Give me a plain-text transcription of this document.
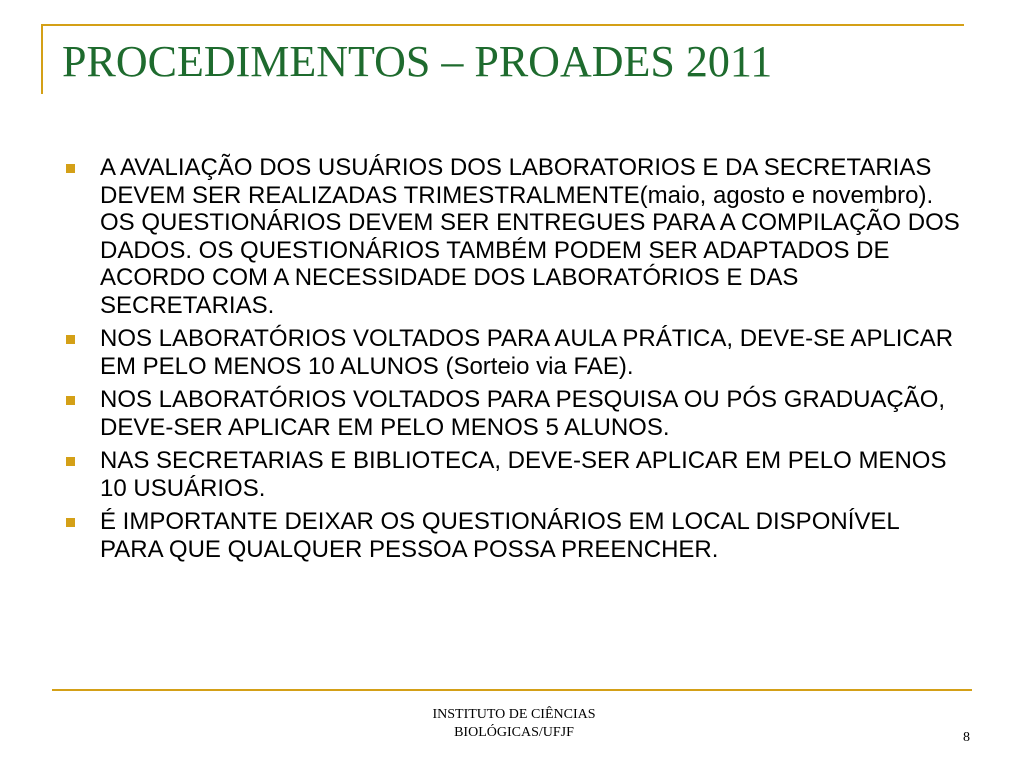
PROCEDIMENTOS – PROADES 2011
A AVALIAÇÃO DOS USUÁRIOS DOS LABORATORIOS E DA SECRETARIAS DEVEM SER REALIZADAS TRIMESTRALMENTE(maio, agosto e novembro). OS QUESTIONÁRIOS DEVEM SER ENTREGUES PARA A COMPILAÇÃO DOS DADOS. OS QUESTIONÁRIOS TAMBÉM PODEM SER ADAPTADOS DE ACORDO COM A NECESSIDADE DOS LABORATÓRIOS E DAS SECRETARIAS.
NOS LABORATÓRIOS VOLTADOS PARA AULA PRÁTICA, DEVE-SE APLICAR EM PELO MENOS 10 ALUNOS (Sorteio via FAE).
NOS LABORATÓRIOS VOLTADOS PARA PESQUISA OU PÓS GRADUAÇÃO, DEVE-SER APLICAR EM PELO MENOS 5 ALUNOS.
NAS SECRETARIAS E BIBLIOTECA, DEVE-SER APLICAR EM PELO MENOS 10 USUÁRIOS.
É IMPORTANTE DEIXAR OS QUESTIONÁRIOS EM LOCAL DISPONÍVEL PARA QUE QUALQUER PESSOA POSSA PREENCHER.

INSTITUTO DE CIÊNCIAS
BIOLÓGICAS/UFJF	8
